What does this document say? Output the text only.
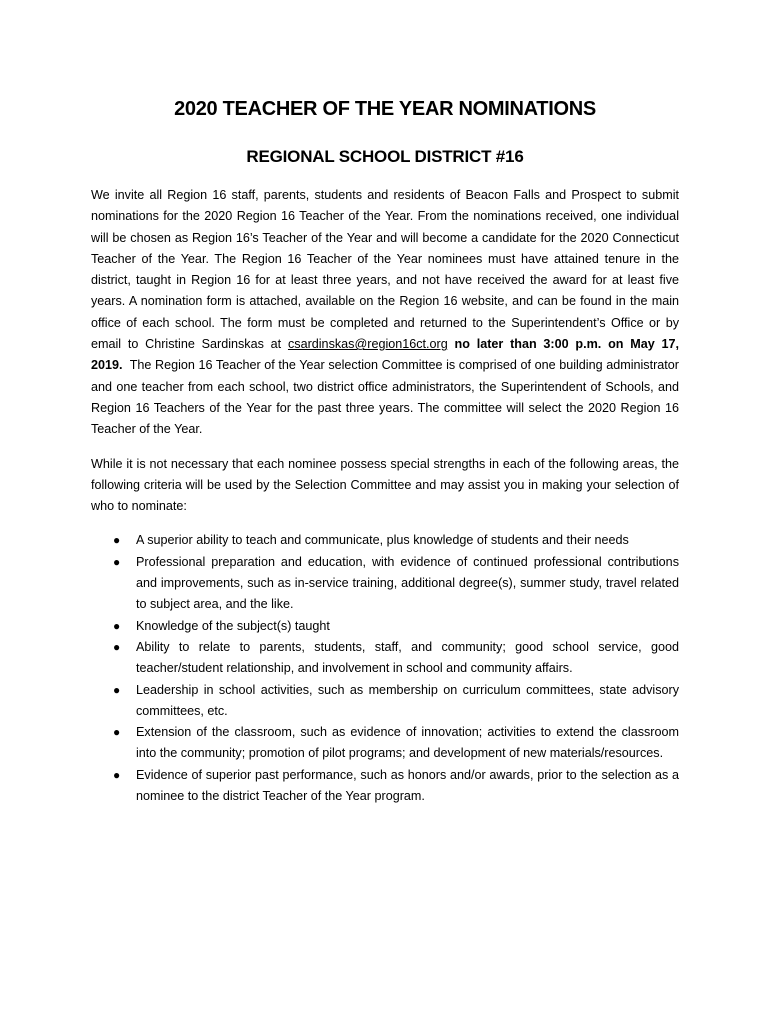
2020 TEACHER OF THE YEAR NOMINATIONS
REGIONAL SCHOOL DISTRICT #16

We invite all Region 16 staff, parents, students and residents of Beacon Falls and Prospect to submit nominations for the 2020 Region 16 Teacher of the Year. From the nominations received, one individual will be chosen as Region 16’s Teacher of the Year and will become a candidate for the 2020 Connecticut Teacher of the Year. The Region 16 Teacher of the Year nominees must have attained tenure in the district, taught in Region 16 for at least three years, and not have received the award for at least five years. A nomination form is attached, available on the Region 16 website, and can be found in the main office of each school. The form must be completed and returned to the Superintendent’s Office or by email to Christine Sardinskas at csardinskas@region16ct.org no later than 3:00 p.m. on May 17, 2019. The Region 16 Teacher of the Year selection Committee is comprised of one building administrator and one teacher from each school, two district office administrators, the Superintendent of Schools, and Region 16 Teachers of the Year for the past three years. The committee will select the 2020 Region 16 Teacher of the Year.

While it is not necessary that each nominee possess special strengths in each of the following areas, the following criteria will be used by the Selection Committee and may assist you in making your selection of who to nominate:

● A superior ability to teach and communicate, plus knowledge of students and their needs
● Professional preparation and education, with evidence of continued professional contributions and improvements, such as in-service training, additional degree(s), summer study, travel related to subject area, and the like.
● Knowledge of the subject(s) taught
● Ability to relate to parents, students, staff, and community; good school service, good teacher/student relationship, and involvement in school and community affairs.
● Leadership in school activities, such as membership on curriculum committees, state advisory committees, etc.
● Extension of the classroom, such as evidence of innovation; activities to extend the classroom into the community; promotion of pilot programs; and development of new materials/resources.
● Evidence of superior past performance, such as honors and/or awards, prior to the selection as a nominee to the district Teacher of the Year program.
